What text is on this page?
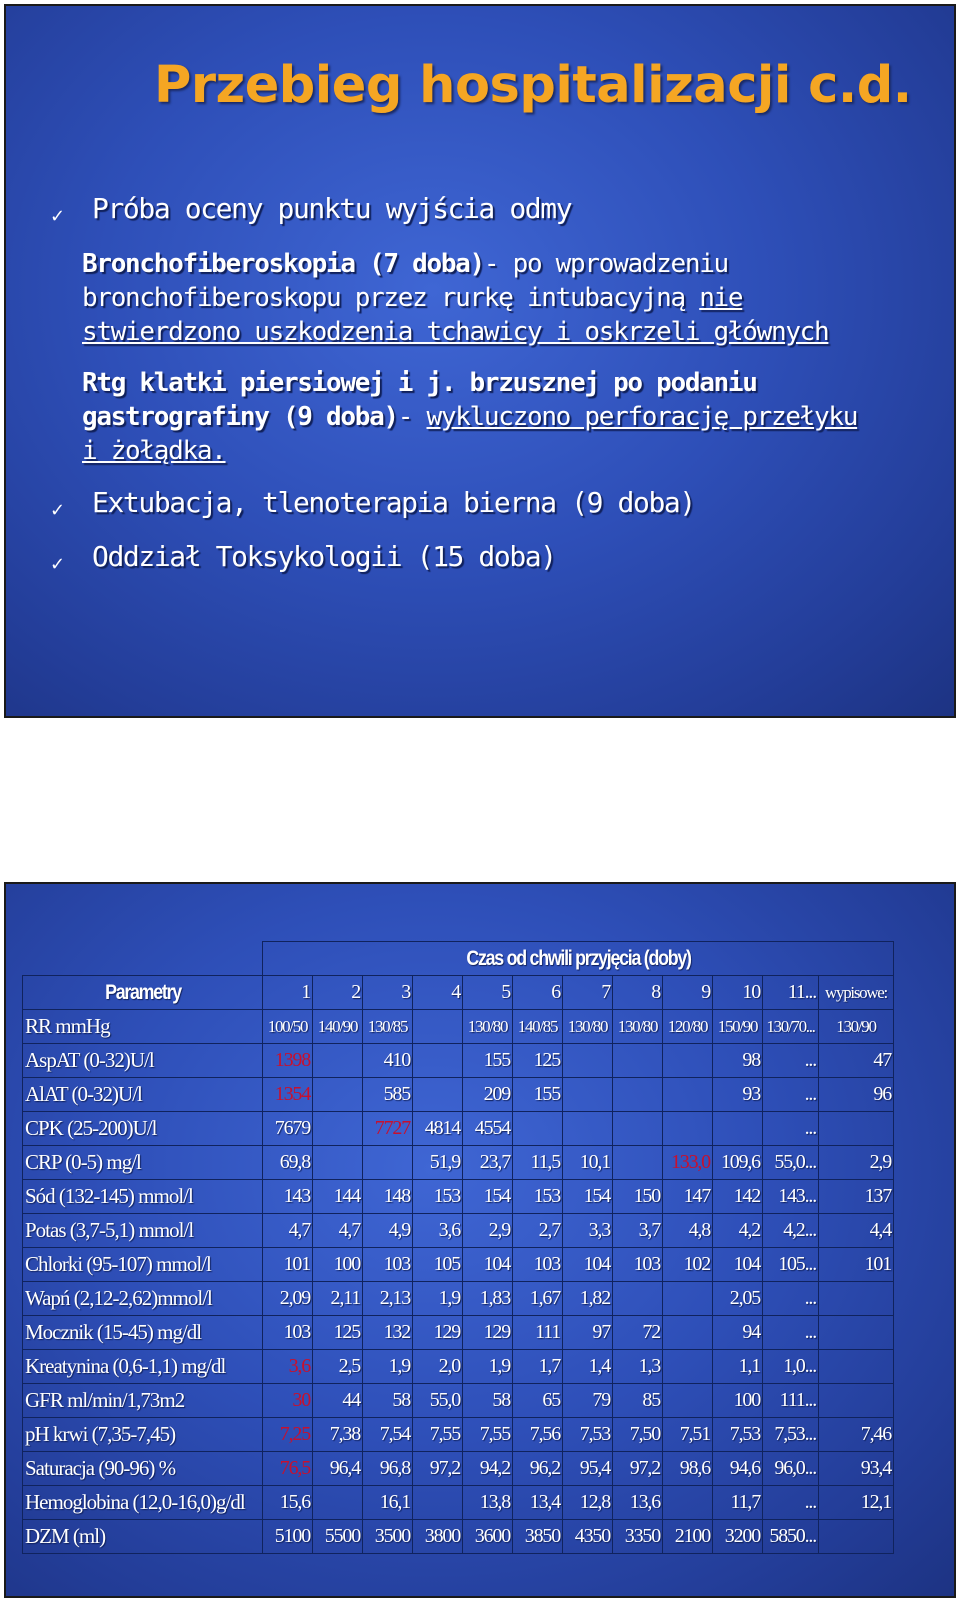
Przebieg hospitalizacji c.d.
✓ Próba oceny punktu wyjścia odmy
Bronchofiberoskopia (7 doba)- po wprowadzeniu
bronchofiberoskopu przez rurkę intubacyjną nie
stwierdzono uszkodzenia tchawicy i oskrzeli głównych
Rtg klatki piersiowej i j. brzusznej po podaniu
gastrografiny (9 doba)- wykluczono perforację przełyku
i żołądka.
✓ Extubacja, tlenoterapia bierna (9 doba)
✓ Oddział Toksykologii (15 doba)
	Czas od chwili przyjęcia (doby)											
Parametry	1	2	3	4	5	6	7	8	9	10	11...	wypisowe:
RR mmHg	100/50	140/90	130/85		130/80	140/85	130/80	130/80	120/80	150/90	130/70...	130/90
AspAT (0-32)U/l	1398		410		155	125				98	...	47
AlAT (0-32)U/l	1354		585		209	155				93	...	96
CPK (25-200)U/l	7679		7727	4814	4554						...	
CRP (0-5) mg/l	69,8			51,9	23,7	11,5	10,1		133,0	109,6	55,0...	2,9
Sód (132-145) mmol/l	143	144	148	153	154	153	154	150	147	142	143...	137
Potas (3,7-5,1) mmol/l	4,7	4,7	4,9	3,6	2,9	2,7	3,3	3,7	4,8	4,2	4,2...	4,4
Chlorki (95-107) mmol/l	101	100	103	105	104	103	104	103	102	104	105...	101
Wapń (2,12-2,62)mmol/l	2,09	2,11	2,13	1,9	1,83	1,67	1,82			2,05	...	
Mocznik (15-45) mg/dl	103	125	132	129	129	111	97	72		94	...	
Kreatynina (0,6-1,1) mg/dl	3,6	2,5	1,9	2,0	1,9	1,7	1,4	1,3		1,1	1,0...	
GFR ml/min/1,73m2	30	44	58	55,0	58	65	79	85		100	111...	
pH krwi (7,35-7,45)	7,25	7,38	7,54	7,55	7,55	7,56	7,53	7,50	7,51	7,53	7,53...	7,46
Saturacja (90-96) %	76,5	96,4	96,8	97,2	94,2	96,2	95,4	97,2	98,6	94,6	96,0...	93,4
Hemoglobina (12,0-16,0)g/dl	15,6		16,1		13,8	13,4	12,8	13,6		11,7	...	12,1
DZM (ml)	5100	5500	3500	3800	3600	3850	4350	3350	2100	3200	5850...	
